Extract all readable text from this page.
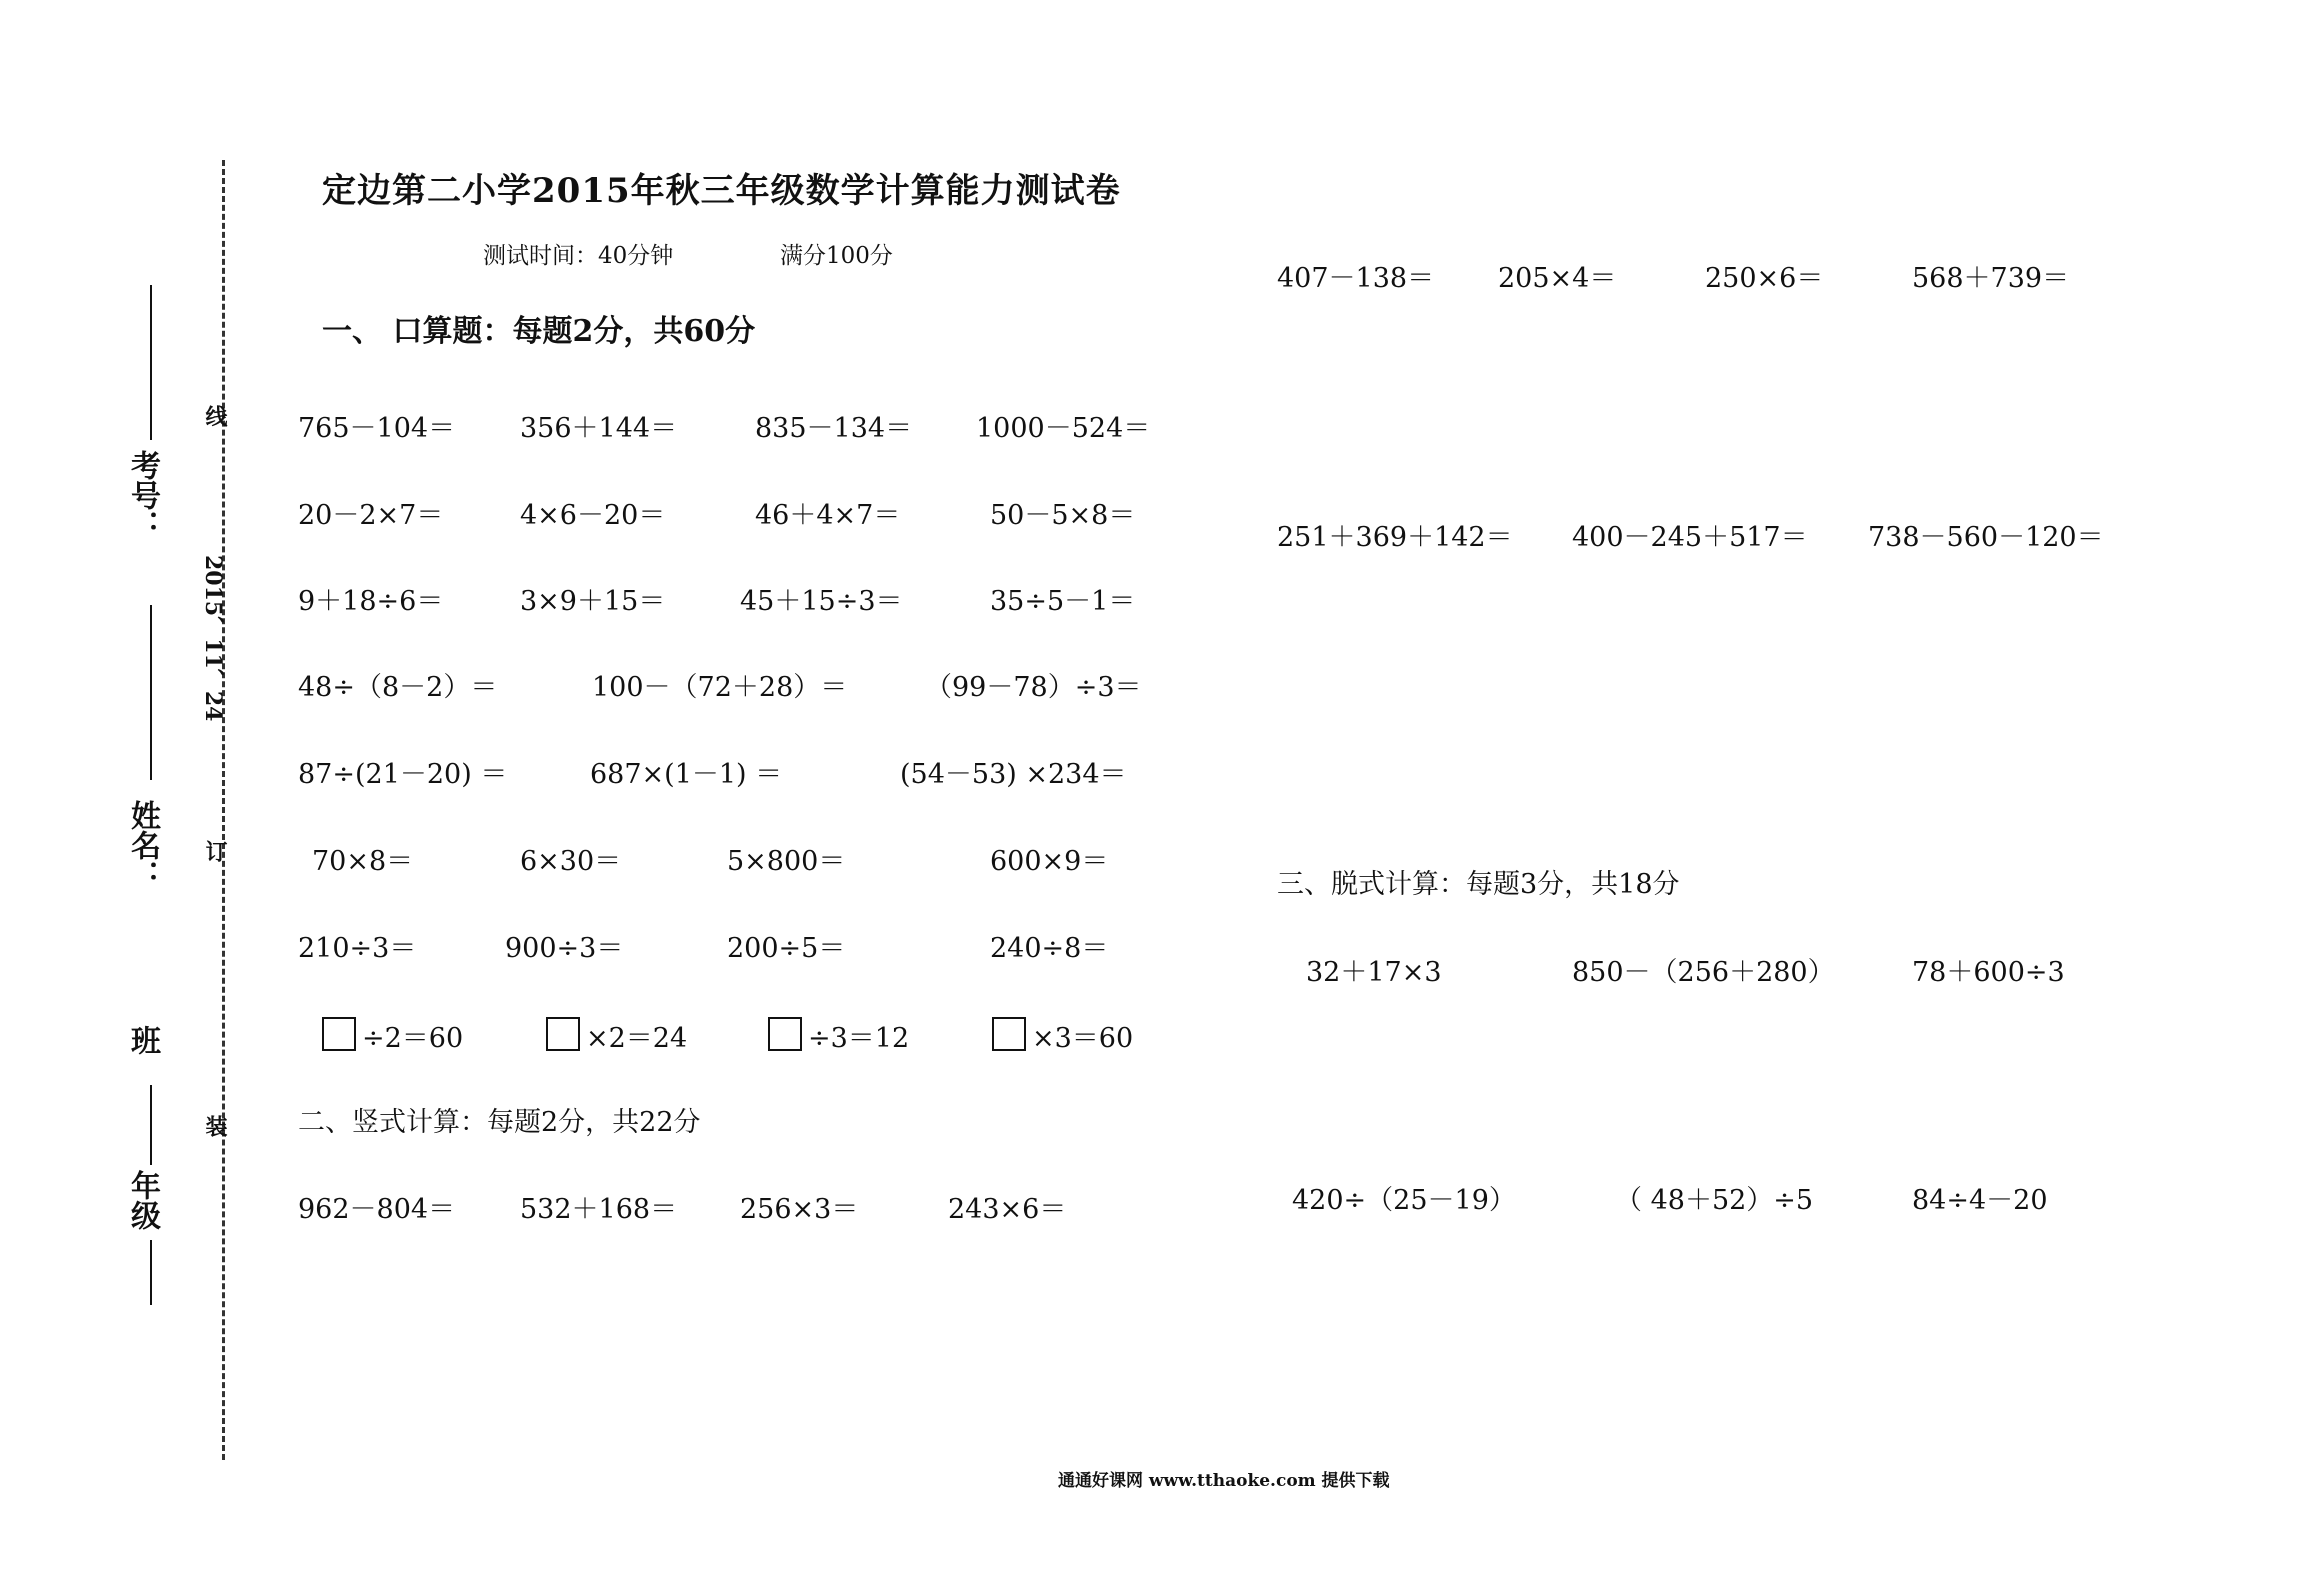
考号：
姓名：
班
年级
线
2015、11、24
订
装
定边第二小学2015年秋三年级数学计算能力测试卷
测试时间：40分钟	满分100分
一、 口算题：每题2分，共60分
765－104＝ 356＋144＝	835－134＝ 1000－524＝
20－2×7＝	4×6－20＝	46＋4×7＝	50－5×8＝
9＋18÷6＝	3×9＋15＝	45＋15÷3＝	35÷5－1＝
48÷（8－2）＝	100－（72＋28）＝	（99－78）÷3＝
87÷(21－20) ＝	687×(1－1) ＝	(54－53) ×234＝
70×8＝	6×30＝	5×800＝	600×9＝
210÷3＝	900÷3＝	200÷5＝	240÷8＝
÷2＝60	×2＝24	÷3＝12	×3＝60
二、竖式计算：每题2分，共22分
962－804＝ 532＋168＝ 256×3＝	243×6＝
407－138＝ 205×4＝	250×6＝	568＋739＝
251＋369＋142＝ 400－245＋517＝ 738－560－120＝
三、脱式计算：每题3分，共18分
32＋17×3	850－（256＋280）	78＋600÷3
420÷（25－19）	（ 48＋52）÷5	84÷4－20
通通好课网 www.tthaoke.com 提供下载
